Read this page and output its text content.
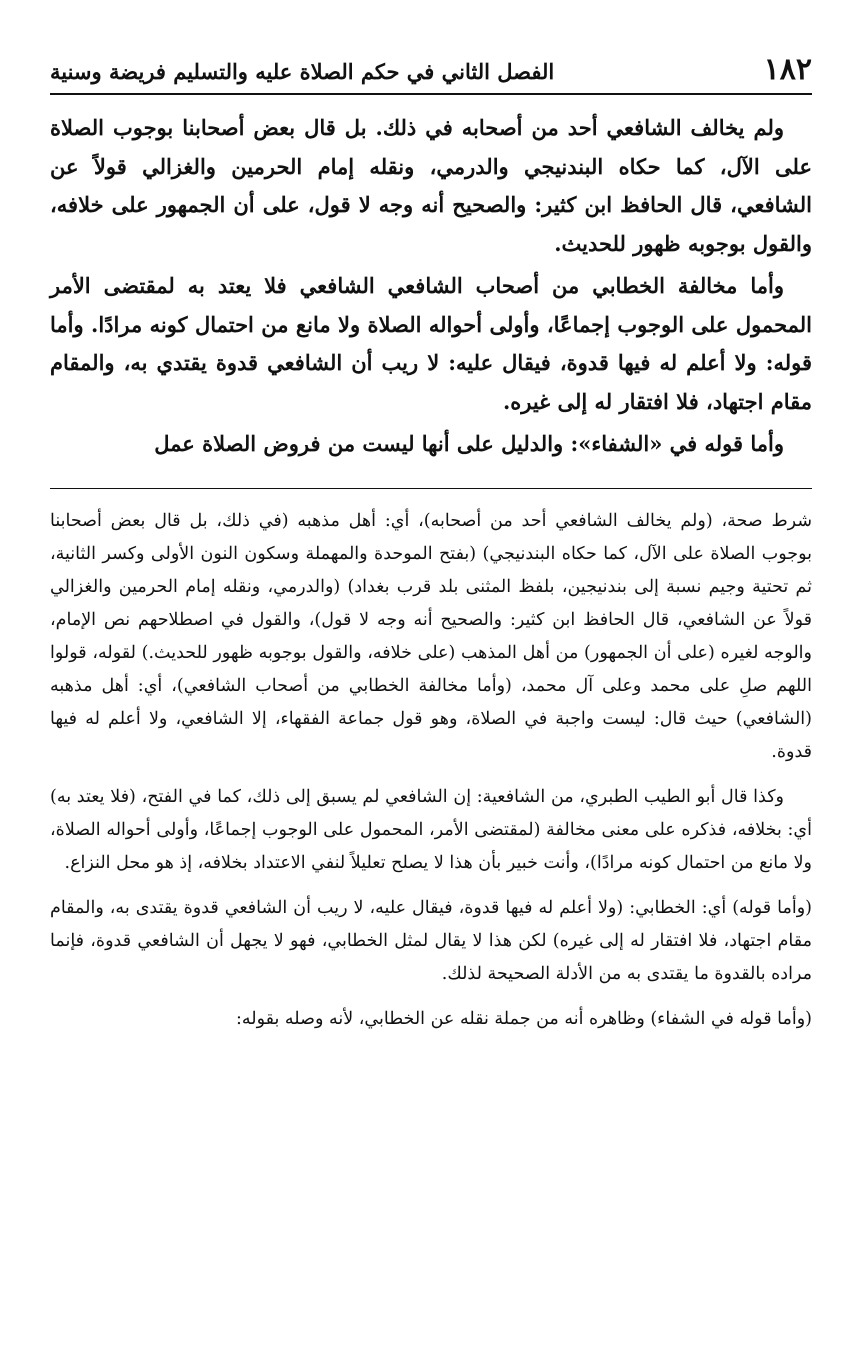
١٨٢
الفصل الثاني في حكم الصلاة عليه والتسليم فريضة وسنية

ولم يخالف الشافعي أحد من أصحابه في ذلك. بل قال بعض أصحابنا بوجوب الصلاة على الآل، كما حكاه البندنيجي والدرمي، ونقله إمام الحرمين والغزالي قولاً عن الشافعي، قال الحافظ ابن كثير: والصحيح أنه وجه لا قول، على أن الجمهور على خلافه، والقول بوجوبه ظهور للحديث.

وأما مخالفة الخطابي من أصحاب الشافعي الشافعي فلا يعتد به لمقتضى الأمر المحمول على الوجوب إجماعًا، وأولى أحواله الصلاة ولا مانع من احتمال كونه مرادًا. وأما قوله: ولا أعلم له فيها قدوة، فيقال عليه: لا ريب أن الشافعي قدوة يقتدي به، والمقام مقام اجتهاد، فلا افتقار له إلى غيره.

وأما قوله في «الشفاء»: والدليل على أنها ليست من فروض الصلاة عمل

شرط صحة، (ولم يخالف الشافعي أحد من أصحابه)، أي: أهل مذهبه (في ذلك، بل قال بعض أصحابنا بوجوب الصلاة على الآل، كما حكاه البندنيجي) (بفتح الموحدة والمهملة وسكون النون الأولى وكسر الثانية، ثم تحتية وجيم نسبة إلى بندنيجين، بلفظ المثنى بلد قرب بغداد) (والدرمي، ونقله إمام الحرمين والغزالي قولاً عن الشافعي، قال الحافظ ابن كثير: والصحيح أنه وجه لا قول)، والقول في اصطلاحهم نص الإمام، والوجه لغيره (على أن الجمهور) من أهل المذهب (على خلافه، والقول بوجوبه ظهور للحديث.) لقوله، قولوا اللهم صلِ على محمد وعلى آل محمد، (وأما مخالفة الخطابي من أصحاب الشافعي)، أي: أهل مذهبه (الشافعي) حيث قال: ليست واجبة في الصلاة، وهو قول جماعة الفقهاء، إلا الشافعي، ولا أعلم له فيها قدوة.

وكذا قال أبو الطيب الطبري، من الشافعية: إن الشافعي لم يسبق إلى ذلك، كما في الفتح، (فلا يعتد به) أي: بخلافه، فذكره على معنى مخالفة (لمقتضى الأمر، المحمول على الوجوب إجماعًا، وأولى أحواله الصلاة، ولا مانع من احتمال كونه مرادًا)، وأنت خبير بأن هذا لا يصلح تعليلاً لنفي الاعتداد بخلافه، إذ هو محل النزاع.

(وأما قوله) أي: الخطابي: (ولا أعلم له فيها قدوة، فيقال عليه، لا ريب أن الشافعي قدوة يقتدى به، والمقام مقام اجتهاد، فلا افتقار له إلى غيره) لكن هذا لا يقال لمثل الخطابي، فهو لا يجهل أن الشافعي قدوة، فإنما مراده بالقدوة ما يقتدى به من الأدلة الصحيحة لذلك.

(وأما قوله في الشفاء) وظاهره أنه من جملة نقله عن الخطابي، لأنه وصله بقوله:
